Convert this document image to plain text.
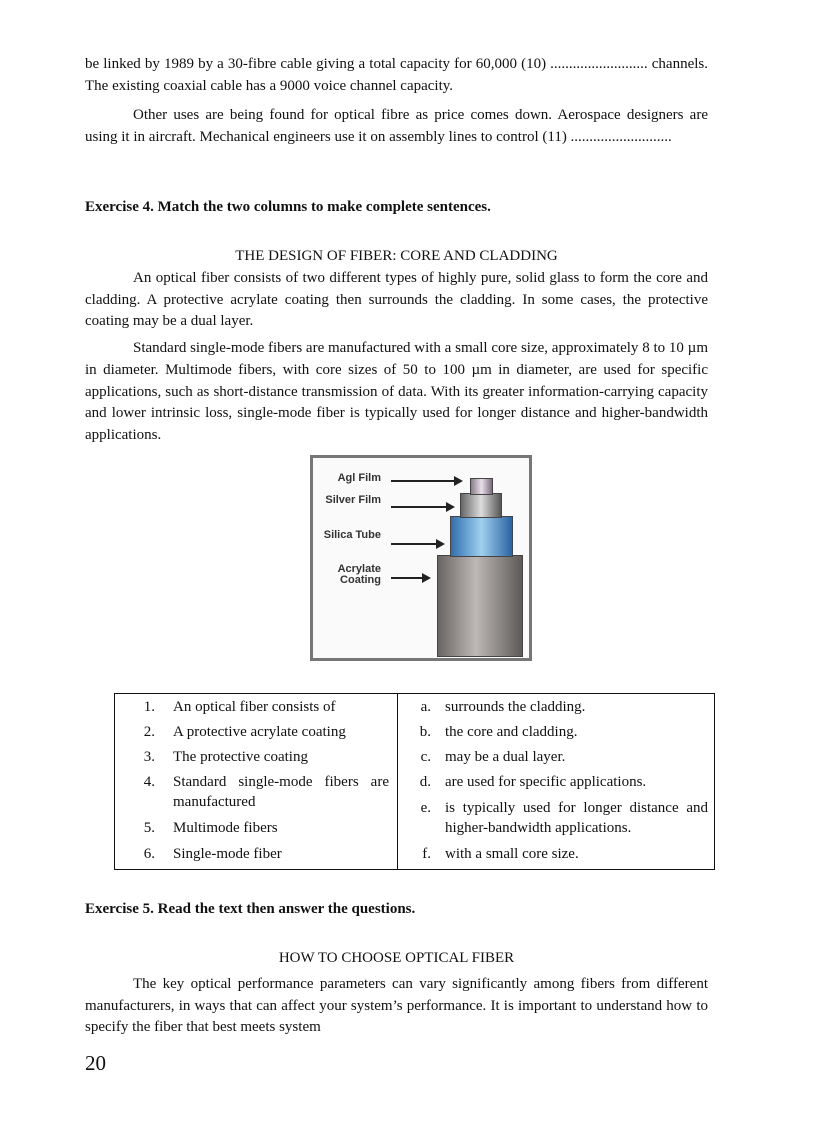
be linked by 1989 by a 30-fibre cable giving a total capacity for 60,000 (10) .......................... channels. The existing coaxial cable has a 9000 voice channel capacity.

Other uses are being found for optical fibre as price comes down. Aerospace designers are using it in aircraft. Mechanical engineers use it on assembly lines to control (11) ...........................

Exercise 4. Match the two columns to make complete sentences.
THE DESIGN OF FIBER: CORE AND CLADDING

An optical fiber consists of two different types of highly pure, solid glass to form the core and cladding. A protective acrylate coating then surrounds the cladding. In some cases, the protective coating may be a dual layer.

Standard single-mode fibers are manufactured with a small core size, approximately 8 to 10 µm in diameter. Multimode fibers, with core sizes of 50 to 100 µm in diameter, are used for specific applications, such as short-distance transmission of data. With its greater information-carrying capacity and lower intrinsic loss, single-mode fiber is typically used for longer distance and higher-bandwidth applications.

Agl Film
Silver Film
Silica Tube
Acrylate Coating
1. An optical fiber consists of
2. A protective acrylate coating
3. The protective coating
4. Standard single-mode fibers are manufactured
5. Multimode fibers
6. Single-mode fiber
a. surrounds the cladding.
b. the core and cladding.
c. may be a dual layer.
d. are used for specific applications.
e. is typically used for longer distance and higher-bandwidth applications.
f. with a small core size.
Exercise 5. Read the text then answer the questions.
HOW TO CHOOSE OPTICAL FIBER

The key optical performance parameters can vary significantly among fibers from different manufacturers, in ways that can affect your system’s performance. It is important to understand how to specify the fiber that best meets system

20
